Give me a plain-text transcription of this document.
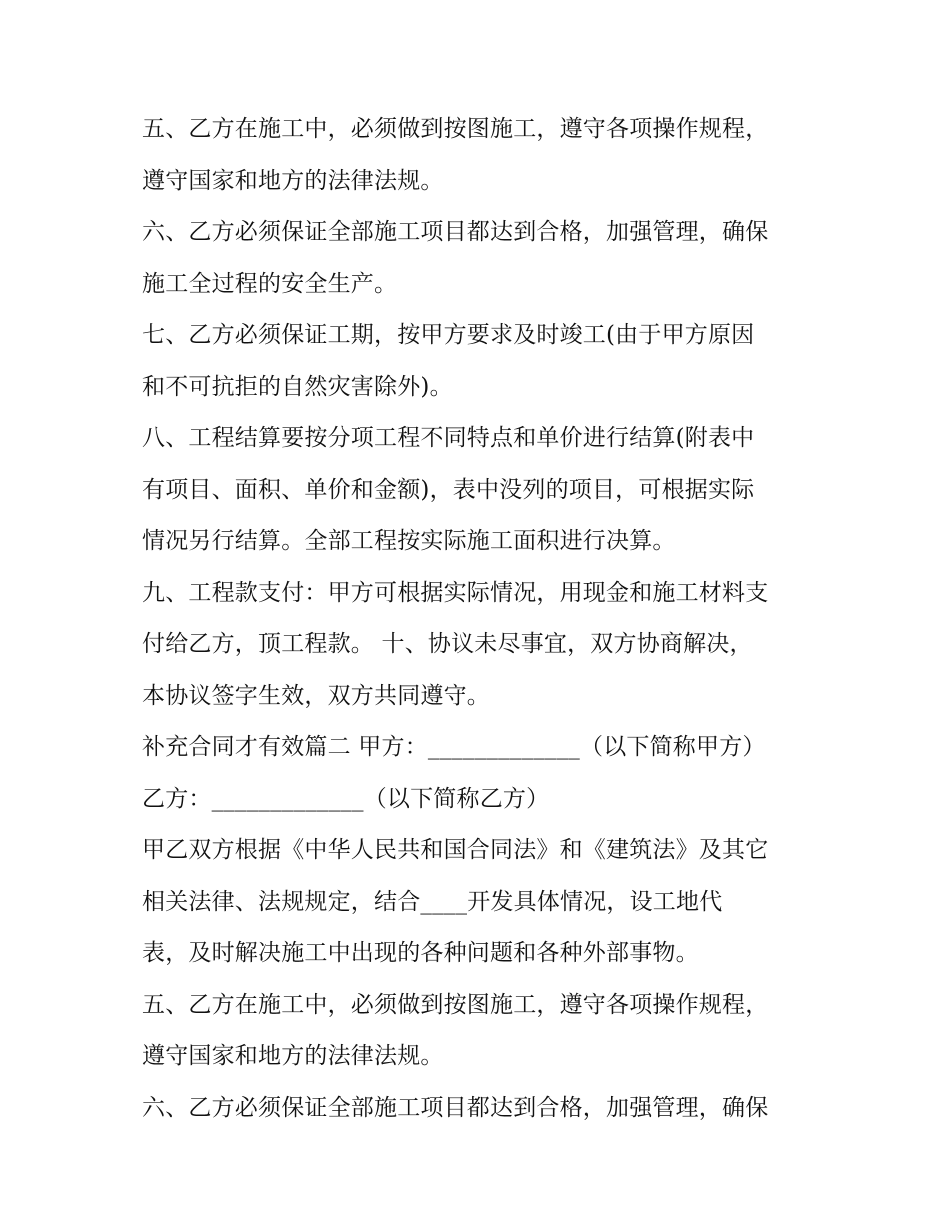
五、乙方在施工中，必须做到按图施工，遵守各项操作规程，
遵守国家和地方的法律法规。
六、乙方必须保证全部施工项目都达到合格，加强管理，确保
施工全过程的安全生产。
七、乙方必须保证工期，按甲方要求及时竣工(由于甲方原因
和不可抗拒的自然灾害除外)。
八、工程结算要按分项工程不同特点和单价进行结算(附表中
有项目、面积、单价和金额)，表中没列的项目，可根据实际
情况另行结算。全部工程按实际施工面积进行决算。
九、工程款支付：甲方可根据实际情况，用现金和施工材料支
付给乙方，顶工程款。 十、协议未尽事宜，双方协商解决，
本协议签字生效，双方共同遵守。
补充合同才有效篇二 甲方：_____________（以下简称甲方）
乙方：_____________（以下简称乙方）
甲乙双方根据《中华人民共和国合同法》和《建筑法》及其它
相关法律、法规规定，结合____开发具体情况，设工地代
表，及时解决施工中出现的各种问题和各种外部事物。
五、乙方在施工中，必须做到按图施工，遵守各项操作规程，
遵守国家和地方的法律法规。
六、乙方必须保证全部施工项目都达到合格，加强管理，确保
